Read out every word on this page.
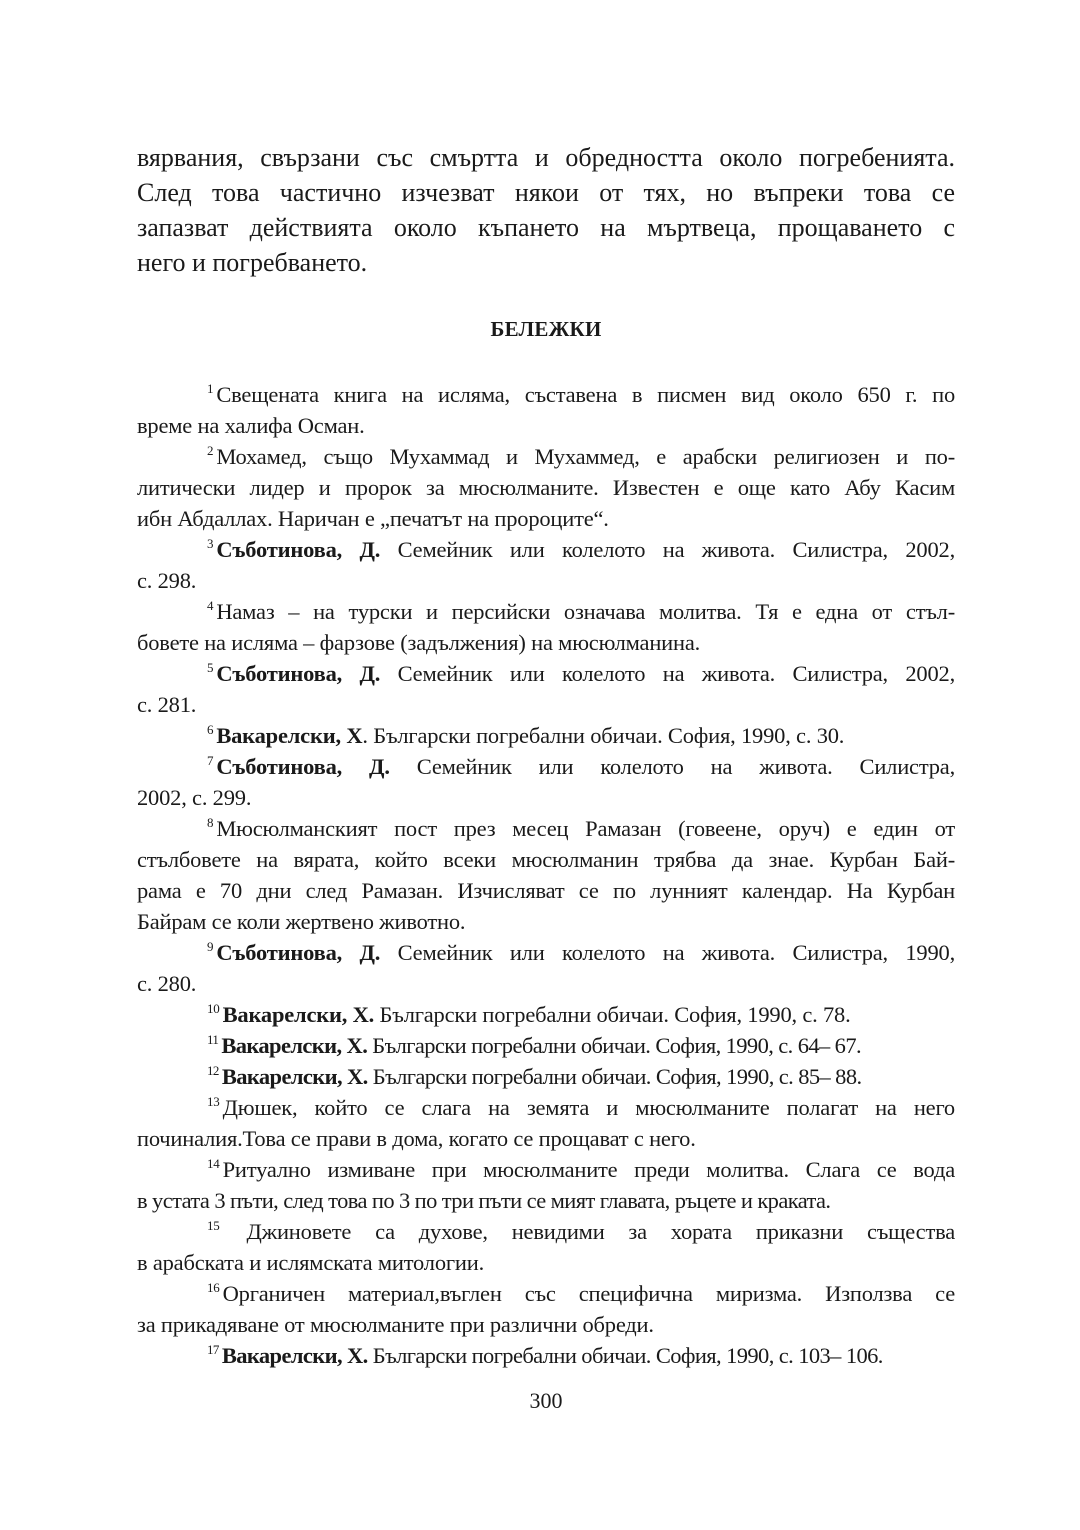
вярвания, свързани със смъртта и обредността около погребенията.
След това частично изчезват някои от тях, но въпреки това се
запазват действията около къпането на мъртвеца, прощаването с
него и погребването.
БЕЛЕЖКИ

$^1$ Свещената книга на исляма, съставена в писмен вид около 650 г. по
време на халифа Осман.

$^2$ Мохамед, също Мухаммад и Мухаммед, е арабски религиозен и по-
литически лидер и пророк за мюсюлманите. Известен е още като Абу Касим
ибн Абдаллах. Наричан е „печатът на пророците“.

$^3$ Съботинова, Д. Семейник или колелото на живота. Силистра, 2002,
с. 298.

$^4$ Намаз – на турски и персийски означава молитва. Тя е една от стъл-
бовете на исляма – фарзове (задължения) на мюсюлманина.

$^5$ Съботинова, Д. Семейник или колелото на живота. Силистра, 2002,
с. 281.

$^6$ Вакарелски, Х. Български погребални обичаи. София, 1990, с. 30.

$^7$ Съботинова, Д. Семейник или колелото на живота. Силистра,
2002, с. 299.

$^8$ Мюсюлманският пост през месец Рамазан (говеене, оруч) е един от
стълбовете на вярата, който всеки мюсюлманин трябва да знае. Курбан Бай-
рама е 70 дни след Рамазан. Изчисляват се по лунният календар. На Курбан
Байрам се коли жертвено животно.

$^9$ Съботинова, Д. Семейник или колелото на живота. Силистра, 1990,
с. 280.

$^{10}$ Вакарелски, Х. Български погребални обичаи. София, 1990, с. 78.

$^{11}$ Вакарелски, Х. Български погребални обичаи. София, 1990, с. 64– 67.

$^{12}$ Вакарелски, Х. Български погребални обичаи. София, 1990, с. 85– 88.

$^{13}$ Дюшек, който се слага на земята и мюсюлманите полагат на него
починалия.Това се прави в дома, когато се прощават с него.

$^{14}$ Ритуално измиване при мюсюлманите преди молитва. Слага се вода
в устата 3 пъти, след това по 3 по три пъти се мият главата, ръцете и краката.

$^{15}$ Джиновете са духове, невидими за хората приказни същества
в арабската и ислямската митологии.

$^{16}$ Органичен материал,въглен със специфична миризма. Използва се
за прикадяване от мюсюлманите при различни обреди.

$^{17}$ Вакарелски, Х. Български погребални обичаи. София, 1990, с. 103– 106.

300
